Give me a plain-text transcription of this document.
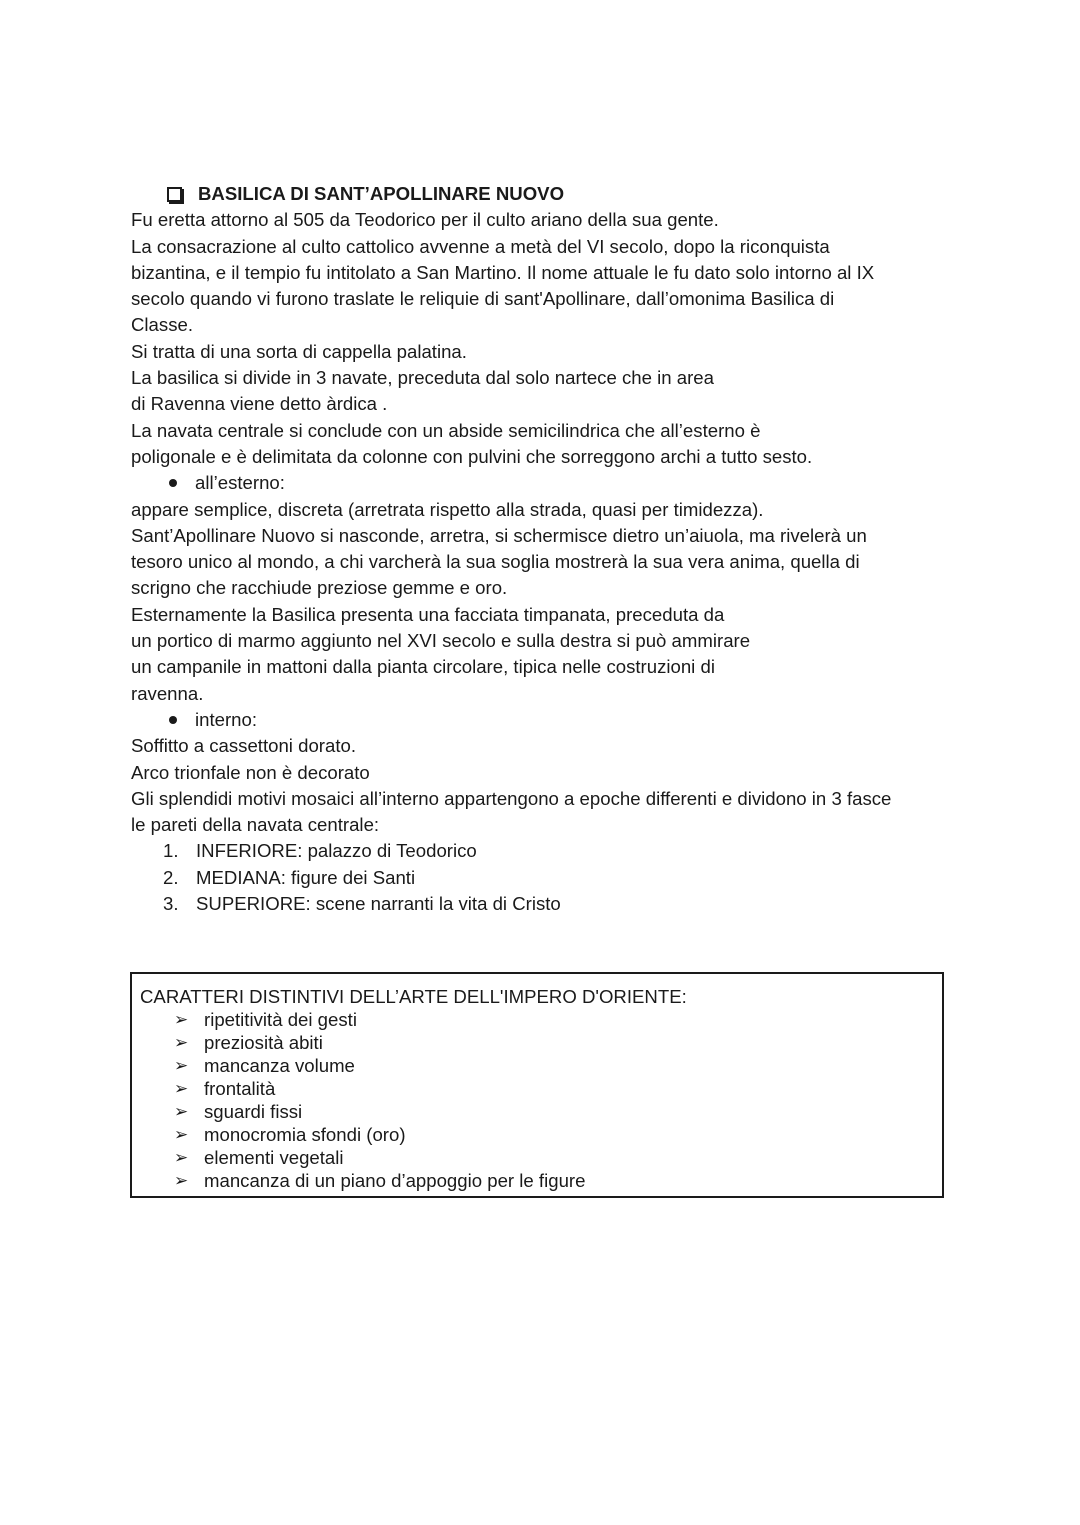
BASILICA DI SANT’APOLLINARE NUOVO
Fu eretta attorno al 505 da Teodorico per il culto ariano della sua gente.
La consacrazione al culto cattolico avvenne a metà del VI secolo, dopo la riconquista
bizantina, e il tempio fu intitolato a San Martino. Il nome attuale le fu dato solo intorno al IX
secolo quando vi furono traslate le reliquie di sant'Apollinare, dall’omonima Basilica di
Classe.
Si tratta di una sorta di cappella palatina.
La basilica si divide in 3 navate, preceduta dal solo nartece che in area
di Ravenna viene detto àrdica .
La navata centrale si conclude con un abside semicilindrica che all’esterno è
poligonale e è delimitata da colonne con pulvini che sorreggono archi a tutto sesto.
all’esterno:
appare semplice, discreta (arretrata rispetto alla strada, quasi per timidezza).
Sant’Apollinare Nuovo si nasconde, arretra, si schermisce dietro un’aiuola, ma rivelerà un
tesoro unico al mondo, a chi varcherà la sua soglia mostrerà la sua vera anima, quella di
scrigno che racchiude preziose gemme e oro.
Esternamente la Basilica presenta una facciata timpanata, preceduta da
un portico di marmo aggiunto nel XVI secolo e sulla destra si può ammirare
un campanile in mattoni dalla pianta circolare, tipica nelle costruzioni di
ravenna.
interno:
Soffitto a cassettoni dorato.
Arco trionfale non è decorato
Gli splendidi motivi mosaici all’interno appartengono a epoche differenti e dividono in 3 fasce
le pareti della navata centrale:
1. INFERIORE: palazzo di Teodorico
2. MEDIANA: figure dei Santi
3. SUPERIORE: scene narranti la vita di Cristo
CARATTERI DISTINTIVI DELL’ARTE DELL'IMPERO D'ORIENTE:
➢ ripetitività dei gesti
➢ preziosità abiti
➢ mancanza volume
➢ frontalità
➢ sguardi fissi
➢ monocromia sfondi (oro)
➢ elementi vegetali
➢ mancanza di un piano d’appoggio per le figure
